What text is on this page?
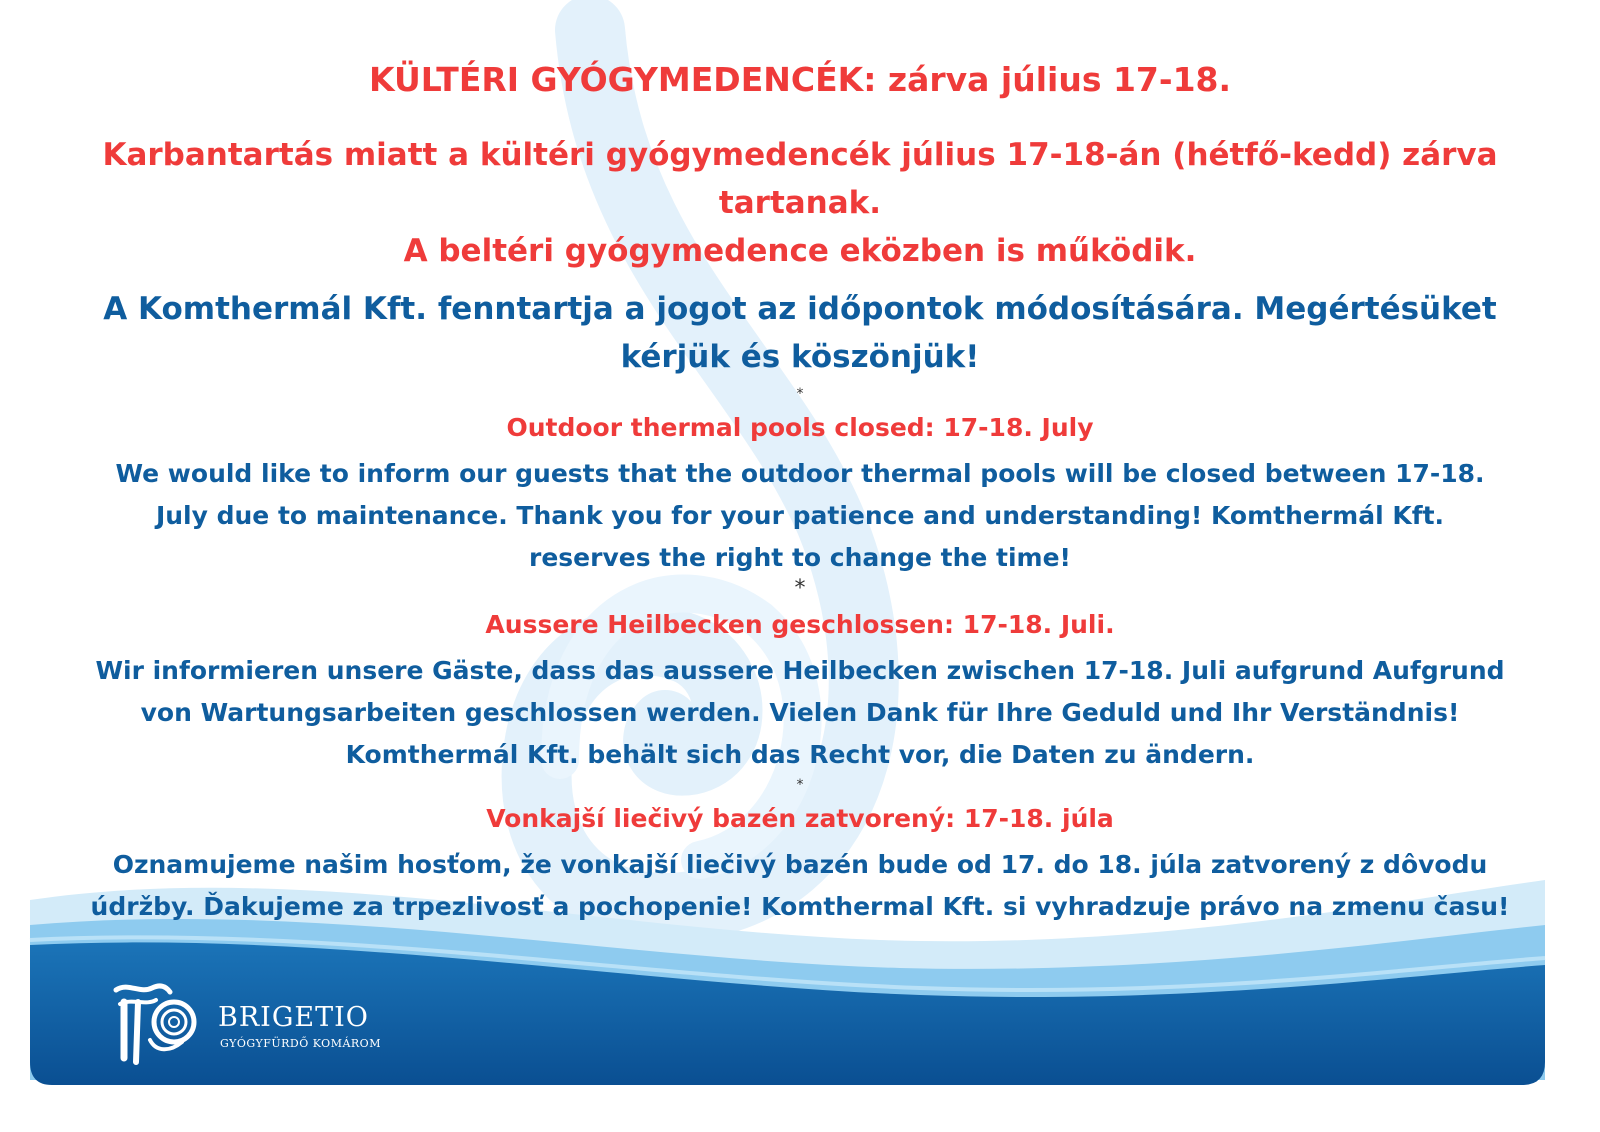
KÜLTÉRI GYÓGYMEDENCÉK: zárva július 17-18.
Karbantartás miatt a kültéri gyógymedencék július 17-18-án (hétfő-kedd) zárva
tartanak.
A beltéri gyógymedence eközben is működik.
A Komthermál Kft. fenntartja a jogot az időpontok módosítására. Megértésüket
kérjük és köszönjük!
*
Outdoor thermal pools closed: 17-18. July
We would like to inform our guests that the outdoor thermal pools will be closed between 17-18.
July due to maintenance. Thank you for your patience and understanding! Komthermál Kft.
reserves the right to change the time!
*
Aussere Heilbecken geschlossen: 17-18. Juli.
Wir informieren unsere Gäste, dass das aussere Heilbecken zwischen 17-18. Juli aufgrund Aufgrund
von Wartungsarbeiten geschlossen werden. Vielen Dank für Ihre Geduld und Ihr Verständnis!
Komthermál Kft. behält sich das Recht vor, die Daten zu ändern.
*
Vonkajší liečivý bazén zatvorený: 17-18. júla
Oznamujeme našim hosťom, že vonkajší liečivý bazén bude od 17. do 18. júla zatvorený z dôvodu
údržby. Ďakujeme za trpezlivosť a pochopenie! Komthermal Kft. si vyhradzuje právo na zmenu času!
BRIGETIO
GYÓGYFÜRDŐ KOMÁROM
